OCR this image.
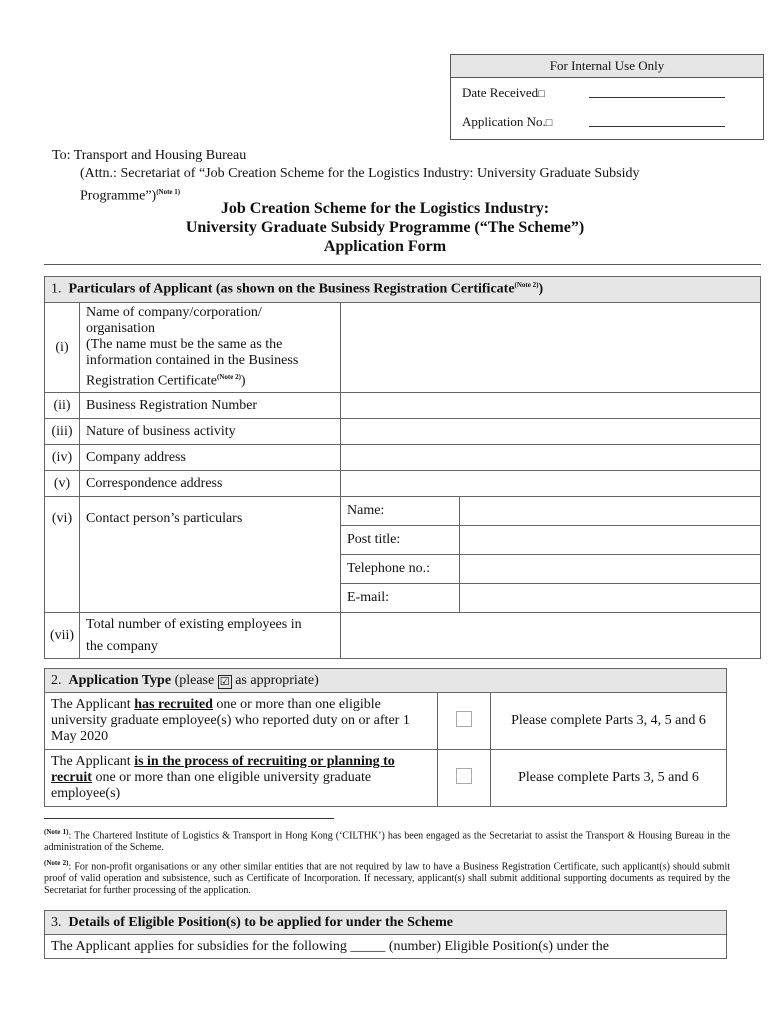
For Internal Use Only
Date Received□
Application No.□
To: Transport and Housing Bureau
(Attn.: Secretariat of “Job Creation Scheme for the Logistics Industry: University Graduate Subsidy
Programme”)$^{(Note 1)}$
Job Creation Scheme for the Logistics Industry:
University Graduate Subsidy Programme (“The Scheme”)
Application Form
1. Particulars of Applicant (as shown on the Business Registration Certificate$^{(Note 2)}$)			
(i)	Name of company/corporation/
organisation
(The name must be the same as the
information contained in the Business
Registration Certificate$^{(Note 2)}$)		
(ii)	Business Registration Number		
(iii)	Nature of business activity		
(iv)	Company address		
(v)	Correspondence address		
(vi)	Contact person’s particulars	Name:	
		Post title:	
		Telephone no.:	
		E-mail:	
(vii)	Total number of existing employees in
the company		
2. Application Type (please ☑ as appropriate)		
The Applicant has recruited one or more than one eligible university graduate employee(s) who reported duty on or after 1 May 2020		Please complete Parts 3, 4, 5 and 6
The Applicant is in the process of recruiting or planning to recruit one or more than one eligible university graduate employee(s)		Please complete Parts 3, 5 and 6
$^{(Note 1)}$: The Chartered Institute of Logistics & Transport in Hong Kong (‘CILTHK’) has been engaged as the Secretariat to assist the Transport & Housing Bureau in the administration of the Scheme.
$^{(Note 2)}$: For non-profit organisations or any other similar entities that are not required by law to have a Business Registration Certificate, such applicant(s) should submit proof of valid operation and subsistence, such as Certificate of Incorporation. If necessary, applicant(s) shall submit additional supporting documents as required by the Secretariat for further processing of the application.
3. Details of Eligible Position(s) to be applied for under the Scheme
The Applicant applies for subsidies for the following _____ (number) Eligible Position(s) under the
